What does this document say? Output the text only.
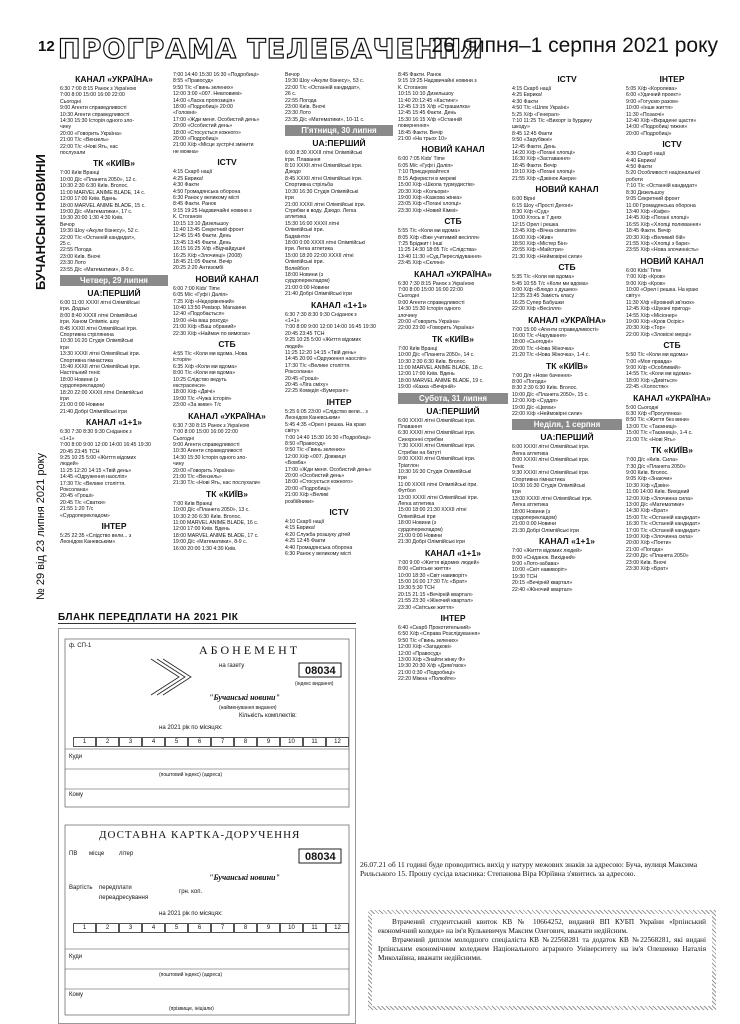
12
БУЧАНСЬКІ НОВИНИ
№ 29 від 23 липня 2021 року
ПРОГРАМА ТЕЛЕБАЧЕННЯ
26 липня–1 серпня 2021 року
КАНАЛ «УКРАЇНА»
6:30 7:00 8:15 Ранок з Україною
7:00 8:00 15:00 16:00 22:00
Сьогодні
9:00 Агенти справедливості
10:30 Агенти справедливості
14:30 15:30 Історія одного зло-
чину
20:00 «Говорить Україна»
21:00 Т/с «Вензель»
22:00 Т/с «Нові Ять, нас
послухали
ТК «КИЇВ»
7:00 Київ Вранці
10:00 Д/с «Планета 2050», 12 с.
10:30 2:30 6:30 Київ. Вголос.
11:00 MARVEL ANIME BLADE, 14 с.
12:00 17:00 Київ. Вдень
18:00 MARVEL ANIME BLADE, 15 с.
19:00 Д/с «Математики», 17 с.
19:30 20:00 1:30 4:30 Київ.
Вечор
19:30 Шоу «Акули бізнесу», 52 с.
22:00 Т/с «Останній кандидат»,
25 с.
22:55 Погода
23:00 Київ. Вночі
23:30 Лото
23:55 Д/с «Математики», 8-9 с.
Четвер, 29 липня
UA:ПЕРШИЙ
6:00 11:00 XXXII літні Олімпійські
ігри. Додзьо
8:00 8:40 XXXII літні Олімпійські
ігри. Ханом Олімпік. шоу
8:45 XXXII літні Олімпійські ігри.
Спортивна стрілянина
10:30 16:20 Студія Олімпійські
ігри
13:30 XXXII літні Олімпійські ігри.
Спортивна гімнастика
15:40 XXXII літні Олімпійські ігри.
Настільний теніс
18:00 Новини (з
сурдоперекладом)
18:20 22:00 XXXII літні Олімпійські
ігри
21:00 0:00 Новини
21:40 Добрі Олімпійські ігри
КАНАЛ «1+1»
6:30 7:30 8:30 9:30 Сніданок з
«1+1»
7:00 8:00 9:00 12:00 14:00 16:45 19:30
20:45 23:45 ТСН
9:25 10:25 5:00 «Життя відомих
людей»
11:25 12:20 14:15 «Твій день»
14:45 «Одруження наосліп»
17:30 Т/с «Велике століття.
Роксолана»
20:45 «Гроші»
20:45 Т/с «Сватки»
21:55 1:20 Т/с
«Сурдоперекладом»
ІНТЕР
5:25 22:35 «Слідство вели... з
Леонідом Каневським»
7:00 14:40 15:30 16:30 «Подробиці»
8:55 «Правосуд»
9:50 Т/с «Гвинь зелених»
12:00 3:00 «007. Невловимі»
14:00 «Ласка пропозиція»
18:00 «Подробиці» 20:00
«Головні»
17:00 «Жди меня. Особистий день»
20:00 «Особистий день»
18:00 «Стосується кожного»
20:00 «Подробиці»
21:00 Х/ф «Місце зустрічі змінити
не можна»
ICTV
4:15 Скарб нації
4:25 Еврика!
4:30 Факти
4:50 Громадянська оборона
6:30 Ранок у великому місті
8:45 Факти. Ранок
9:15 19:25 Надзвичайні новини з
К. Стоганом
10:15 13:10 Дизельшоу
11:40 13:45 Секретний фронт
12:45 15:45 Факти. День
13:45 13:45 Факти. День
16:15 16:25 Х/ф «Відчайдушні
16:25 Х/ф «Злочинці» (2008)
18:45 21:05 Факти. Вечір
20:25 2:20 Антизомбі
НОВИЙ КАНАЛ
6:00 7:00 Kids' Time
6:05 М/с «Гуфі і Далія»
7:25 Х/ф «Недорівняний»
10:40 13:50 Ревізор. Магазини
12:40 «Подобається»
19:00 «На ваш розсуд»
21:00 Х/ф «Ваш обраний»
22:30 Х/ф «Наймач по вимогах»
СТБ
4:55 Т/с «Коли ми вдома. Нова
історія»
6:35 Х/ф «Коли ми вдома»
8:00 Т/с «Коли ми вдома»
10:25 Слідство ведуть
екстрасенси»
18:00 Х/ф «Двічі»
19:00 Т/с «Чужа історія»
23:00 «За живе» Т/с
КАНАЛ «УКРАЇНА»
6:30 7:30 8:15 Ранок з Україною
7:00 8:00 15:00 16:00 22:00
Сьогодні
9:00 Агенти справедливості
10:30 Агенти справедливості
14:30 15:30 Історія одного зло-
чину
20:00 «Говорить Україна»
21:00 Т/с «Вензель»
21:30 Т/с «Нові Ять, нас послухали»
ТК «КИЇВ»
7:00 Київ Вранці
10:00 Д/с «Планета 2050», 13 с.
10:30 2:30 6:30 Київ. Вголос.
11:00 MARVEL ANIME BLADE, 16 с.
12:00 17:00 Київ. Вдень
18:00 MARVEL ANIME BLADE, 17 с.
19:00 Д/с «Математики», 8-9 с.
16:00 20:00 1:30 4:30 Київ.
Вечор
19:30 Шоу «Акули бізнесу», 53 с.
22:00 Т/с «Останній кандидат»,
26 с.
22:55 Погода
23:00 Київ. Вночі
23:30 Лото
23:35 Д/с «Математики», 10-11 с.
П'ятниця, 30 липня
UA:ПЕРШИЙ
6:00 8:30 XXXII літні Олімпійські
ігри. Плавання
8:10 XXXII літні Олімпійські ігри.
Дзюдо
8:45 XXXII літні Олімпійські ігри.
Спортивна стрільба
10:30 16:30 Студія Олімпійські
ігри
21:00 XXXII літні Олімпійські ігри.
Стрибки в воду. Дзюдо. Легка
атлетика
15:30 16:00 XXXII літні
Олімпійські ігри.
Бадмінтон
18:00 0:00 XXXII літні Олімпійські
ігри. Легка атлетика
15:00 18:20 22:00 XXXII літні
Олімпійські ігри.
Волейбол
18:00 Новини (з
сурдоперекладом)
21:00 0:00 Новини
21:40 Добрі Олімпійські ігри
КАНАЛ «1+1»
6:30 7:30 8:30 9:30 Сніданок з
«1+1»
7:00 8:00 9:00 12:00 14:00 16:45 19:30
20:45 23:45 ТСН
9:25 10:25 5:00 «Життя відомих
людей»
11:25 12:20 14:15 «Твій день»
14:45 20:00 «Одруження наосліп»
17:30 Т/с «Велике століття.
Роксолана»
20:45 «Гроші»
20:45 «Ліга сміху»
22:25 Комедія «Бумеранг»
ІНТЕР
5:25 6:05 23:00 «Слідство вели... з
Леонідом Каневським»
5:45 4:35 «Орел і решка. На краю
світу»
7:00 14:40 15:30 16:30 «Подробиці»
8:50 «Правосуд»
9:50 Т/с «Гвинь зелених»
12:00 Х/ф «007. Довжиця
«Бомба»
17:00 «Жди меня. Особистий день»
20:00 «Особистий день»
18:00 «Стосується кожного»
20:00 «Подробиці»
21:00 Х/ф «Великі
розбійники»
ICTV
4:10 Скарб нації
4:15 Еврика!
4:20 Служба розшуку дітей
4:25 12:45 Факти
4:40 Громадянська оборона
6:30 Ранок у великому місті
8:45 Факти. Ранок
9:15 19:25 Надзвичайні новини з
К. Стоганом
10:15 10:10 Дизельшоу
11:40 20:12:45 «Кастинг»
12:45 13:15 Х/ф «Страшилка»
12:45 15:45 Факти. День
15:30 16:15 Х/ф «Останній
повернення»
18:45 Факти. Вечір
21:00 «На трьох 10»
НОВИЙ КАНАЛ
6:00 7:05 Kids' Time
6:05 М/с «Гуфі і Далія»
7:10 Приєднувайтеся
8:15 Аферисти в мережі
15:00 Х/ф «Школа турмудистів»
20:30 Х/ф «Кольори»
19:00 Х/ф «Казкова жінка»
23:05 Х/ф «Погані хлопці»
23:30 Х/ф «Новий Кіммі»
СТБ
5:55 Т/с «Коли ми вдома»
8:05 Х/ф «Вже учитимий весілля»
7:25 Бріджит і Інші
11:25 14:30 18:05 Т/с «Слідства»
13:40 11:30 «Суд.Переслідування»
23:45 Х/ф «Скляні»
КАНАЛ «УКРАЇНА»
6:30 7:30 8:15 Ранок з Україною
7:00 8:00 15:00 16:00 22:00
Сьогодні
9:00 Агенти справедливості
14:30 15:30 Історія одного
злочину
20:00 «Говорить Україна»
22:00 23:00 «Говорить Україна»
ТК «КИЇВ»
7:00 Київ Вранці
10:00 Д/с «Планета 2050», 14 с.
10:30 2:30 6:30 Київ. Вголос.
11:00 MARVEL ANIME BLADE, 18 с.
12:00 17:00 Київ. Вдень
18:00 MARVEL ANIME BLADE, 19 с.
19:00 «Казка «Вечірній»
Субота, 31 липня
UA:ПЕРШИЙ
6:00 XXXII літні Олімпійські ігри.
Плавання
6:30 XXXII літні Олімпійські ігри.
Синхронні стрибки
7:30 XXXII літні Олімпійські ігри.
Стрибки на батуті
9:00 XXXII літні Олімпійські ігри.
Тріатлон
10:30 16:30 Студія Олімпійські
ігри
11:00 XXXII літні Олімпійські ігри.
Футбол
13:00 XXXII літні Олімпійські ігри.
Легка атлетика
15:00 18:00 21:30 XXXII літні
Олімпійські ігри
18:00 Новини (з
сурдоперекладом)
21:00 0:00 Новини
21:30 Добрі Олімпійські ігри
КАНАЛ «1+1»
7:00 9:00 «Життя відомих людей»
8:00 «Світське життя»
10:00 18:30 «Світ навиворіт»
15:00 16:00 17:30 Т/с «Брат»
19:30 5:30 ТСН
20:15 21:15 «Вечірній квартал»
21:55 23:30 «Жіночий квартал»
23:30 «Світське життя»
ІНТЕР
6:40 «Скарб Прокотительний»
6:50 Х/ф «Справа Розслідування»
9:50 Т/с «Гвинь зелених»
12:00 Х/ф «Загадкові»
12:00 «Правосуд»
13:00 Х/ф «Знайти жінку Ф»
19:30 20:30 Х/ф «Дзяв'язок»
21:00 0:30 «Подробиці»
22:20 Міжна «Полюйте»
ICTV
4:15 Скарб нації
4:25 Еврика!
4:30 Факти
4:50 Т/с «Шлях Україні»
5:25 Х/ф «Генерал»
7:10 11:25 Т/с «Вихорт із бурдину
шкоду»
8:45 12:45 Факти
9:50 «Зарубіжні»
12:45 Факти. День
14:20 Х/ф «Погані хлопці»
16:30 Х/ф «Заставання»
18:45 Факти. Вечір
19:10 Х/ф «Погані хлопці»
21:55 Х/ф «Дзвінок Азери»
НОВИЙ КАНАЛ
6:00 Вірні
6:15 Шоу «Прості Дегоні»
8:30 Х/ф «Суд»
10:00 Хтось в 7 днях
12:15 Орел і решка
13:45 Х/ф «Вічна сімпатія»
16:00 Х/ф «Жив»
18:50 Х/ф «Містер Бін»
20:55 Х/ф «Майстри»
21:30 Х/ф «Неймовірні сили»
СТБ
5:35 Т/с «Коли ми вдома»
5:45 10:55 Т/с «Коли ми вдома»
9:00 Х/ф «Блюдо з душею»
12:35 23:45 Замість класу
16:25 Супер Бабушки
22:00 Х/ф «Весілля»
КАНАЛ «УКРАЇНА»
7:00 15:00 «Агенти справедливості»
16:00 Т/с «Чарування»
18:00 «Сьогодні»
20:00 Т/с «Нова Жіночка»
21:20 Т/с «Нова Жіночка», 1-4 с.
ТК «КИЇВ»
7:00 Д/п «Нове бачення»
8:00 «Погода»
8:30 2:30 6:30 Київ. Вголос.
10:00 Д/с «Планета 2050», 15 с.
12:00 Х/ф «Суддя»
19:00 Д/с «Цвяхи»
22:00 Х/ф «Неймовірні сили»
Неділя, 1 серпня
UA:ПЕРШИЙ
6:00 XXXII літні Олімпійські ігри.
Легка атлетика
8:00 XXXII літні Олімпійські ігри.
Теніс
9:30 XXXII літні Олімпійські ігри.
Спортивна гімнастика
10:30 16:30 Студія Олімпійські
ігри
13:00 XXXII літні Олімпійські ігри.
Легка атлетика
18:00 Новини (з
сурдоперекладом)
21:00 0:00 Новини
21:30 Добрі Олімпійські ігри
КАНАЛ «1+1»
7:00 «Життя відомих людей»
8:00 «Сніданок. Вихідний»
9:00 «Лото-забава»
10:00 «Світ навиворіт»
19:30 ТСН
20:15 «Вечірній квартал»
22:40 «Жіночий квартал»
ІНТЕР
5:05 Х/ф «Королева»
6:00 «Удачний проект»
9:00 «Готуємо разом»
10:00 «Інше життя»
11:30 «Позаочі»
12:40 Х/ф «Вкрадене щастя»
14:00 «Подробиці тижня»
20:00 «Подробиці»
ICTV
4:30 Скарб нації
4:40 Еврика!
4:50 Факти
5:20 Особливості національної
роботи
7:10 Т/с «Останній кандидат»
8:30 Дизельшоу
9:05 Секретний фронт
11:00 Громадянська оборона
13:40 Х/ф «Кафе»
14:45 Х/ф «Погані хлопці»
16:55 Х/ф «Хлопці полювання»
18:45 Факти. Вечір
20:30 Х/ф «Великий бій»
21:55 Х/ф «Хлопці з бари»
23:55 Х/ф «Нова злочинність»
НОВИЙ КАНАЛ
6:00 Kids' Time
7:00 Х/ф «Кров»
9:00 Х/ф «Кров»
10:00 «Орел і решка. На краю
світу»
11:30 Х/ф «Кровний зв'язок»
12:45 Х/ф «Шукачі пригод»
14:55 Х/ф «Місіонер»
19:00 Х/ф «Кров Осіріс»
20:30 Х/ф «Тор»
22:00 Х/ф «Зловісні мерці»
СТБ
5:50 Т/с «Коли ми вдома»
7:00 «Моя правда»
9:00 Х/ф «Особливий»
14:55 Т/с «Коли ми вдома»
18:00 Х/ф «Дивіться»
22:45 «Холостяк»
КАНАЛ «УКРАЇНА»
5:00 Сьогодні
6:30 Х/ф «Прогулянка»
8:50 Т/с «Життя без вини»
13:00 Т/с «Таємниці»
15:00 Т/с «Таємниці», 1-4 с.
21:00 Т/с «Нові Ять»
ТК «КИЇВ»
7:00 Д/с «Київ. Сила»
7:30 Д/с «Планета 2050»
9:00 Київ. Вголос.
9:05 Х/ф «Знаючи»
10:30 Х/ф «Дзвін»
11:00 14:00 Київ. Вихідний
12:00 Х/ф «Злочинна сила»
13:00 Д/с «Математики»
14:30 Х/ф «Брат»
15:00 Т/с «Останній кандидат»
16:30 Т/с «Останній кандидат»
17:00 Т/с «Останній кандидат»
19:00 Х/ф «Злочинна сила»
20:00 Х/ф «Поети»
21:00 «Погода»
22:00 Д/с «Планета 2050»
23:00 Київ. Вночі
23:30 Х/ф «Брат»
БЛАНК ПЕРЕДПЛАТИ НА 2021 РІК
ф. СП-1	АБОНЕМЕНТ
на газету	08034
(індекс видання)
"Бучанські новини"
(найменування видання)
Кількість комплектів:
на 2021 рік по місяцях:
1	2	3	4	5	6	7	8	9	10	11	12
Куди
(поштовий індекс) (адреса)
Кому
ДОСТАВНА КАРТКА-ДОРУЧЕННЯ
ПВ місце літер	08034
"Бучанські новини"
Вартість передплати
переадресування
грн. коп.
на 2021 рік по місяцях:
1	2	3	4	5	6	7	8	9	10	11	12
Куди
(поштовий індекс) (адреса)
Кому
(прізвище, ініціали)
26.07.21 об 11 годині буде проводитись вихід у натуру межових знаків за адресою: Буча, вулиця Максима Рильського 15. Прошу сусіда власника: Степанова Віра Юріївна з'явитись за адресою.
Втрачений студентський квиток КВ № 10664252, виданий ВП КУБП України «Ірпінський економічний коледж» на ім'я Кулькевичук Максим Олегович, вважати недійсним.
Втрачений диплом молодшого спеціаліста КВ №22568281 та додаток КВ №22568281, які видані Ірпінським економічним коледжем Національного аграрного Університету на ім'я Олешенко Наталія Миколаївна, вважати недійсними.
